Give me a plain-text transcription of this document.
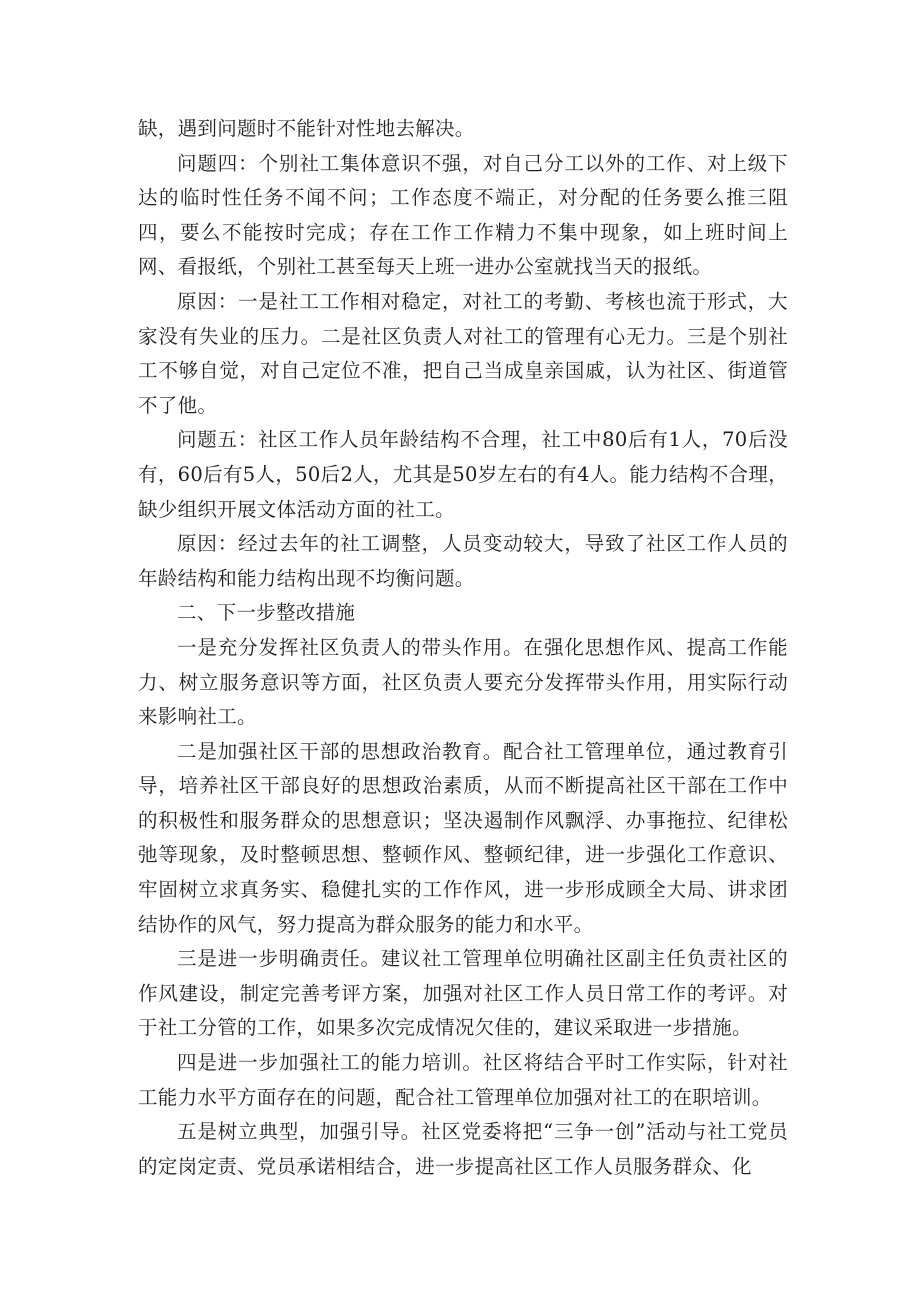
缺，遇到问题时不能针对性地去解决。

问题四：个别社工集体意识不强，对自己分工以外的工作、对上级下达的临时性任务不闻不问；工作态度不端正，对分配的任务要么推三阻四，要么不能按时完成；存在工作工作精力不集中现象，如上班时间上网、看报纸，个别社工甚至每天上班一进办公室就找当天的报纸。

原因：一是社工工作相对稳定，对社工的考勤、考核也流于形式，大家没有失业的压力。二是社区负责人对社工的管理有心无力。三是个别社工不够自觉，对自己定位不准，把自己当成皇亲国戚，认为社区、街道管不了他。

问题五：社区工作人员年龄结构不合理，社工中80后有1人，70后没有，60后有5人，50后2人，尤其是50岁左右的有4人。能力结构不合理，缺少组织开展文体活动方面的社工。

原因：经过去年的社工调整，人员变动较大，导致了社区工作人员的年龄结构和能力结构出现不均衡问题。

二、下一步整改措施

一是充分发挥社区负责人的带头作用。在强化思想作风、提高工作能力、树立服务意识等方面，社区负责人要充分发挥带头作用，用实际行动来影响社工。

二是加强社区干部的思想政治教育。配合社工管理单位，通过教育引导，培养社区干部良好的思想政治素质，从而不断提高社区干部在工作中的积极性和服务群众的思想意识；坚决遏制作风飘浮、办事拖拉、纪律松弛等现象，及时整顿思想、整顿作风、整顿纪律，进一步强化工作意识、牢固树立求真务实、稳健扎实的工作作风，进一步形成顾全大局、讲求团结协作的风气，努力提高为群众服务的能力和水平。

三是进一步明确责任。建议社工管理单位明确社区副主任负责社区的作风建设，制定完善考评方案，加强对社区工作人员日常工作的考评。对于社工分管的工作，如果多次完成情况欠佳的，建议采取进一步措施。

四是进一步加强社工的能力培训。社区将结合平时工作实际，针对社工能力水平方面存在的问题，配合社工管理单位加强对社工的在职培训。

五是树立典型，加强引导。社区党委将把“三争一创”活动与社工党员的定岗定责、党员承诺相结合，进一步提高社区工作人员服务群众、化
